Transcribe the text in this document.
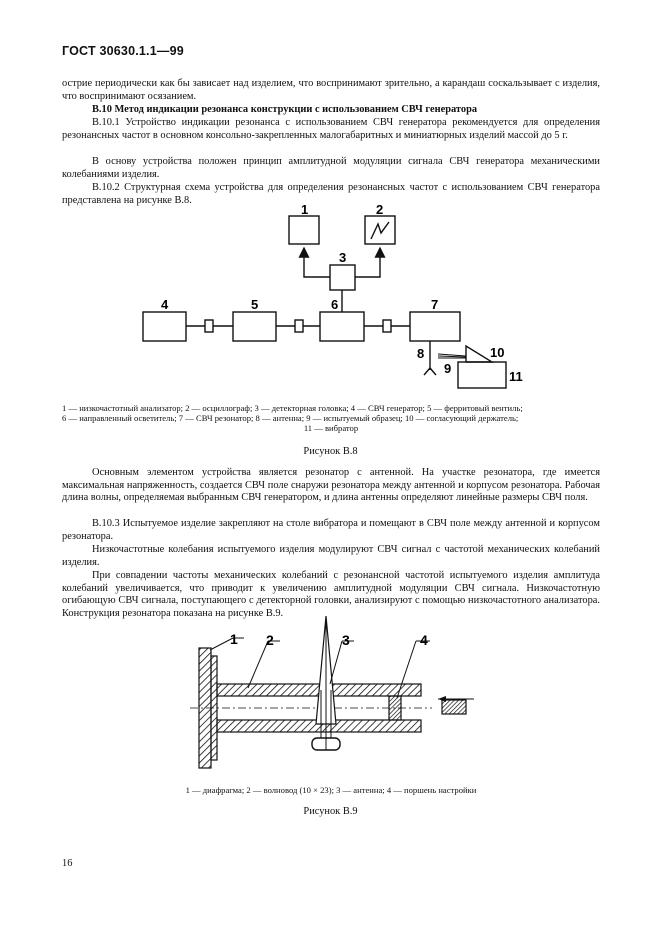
ГОСТ 30630.1.1—99

острие периодически как бы зависает над изделием, что воспринимают зрительно, а карандаш соскальзывает с изделия, что воспринимают осязанием.

В.10 Метод индикации резонанса конструкции с использованием СВЧ генератора

В.10.1 Устройство индикации резонанса с использованием СВЧ генератора рекомендуется для определения резонансных частот в основном консольно-закрепленных малогабаритных и миниатюрных изделий массой до 5 г.

В основу устройства положен принцип амплитудной модуляции сигнала СВЧ генератора механическими колебаниями изделия.

В.10.2 Структурная схема устройства для определения резонансных частот с использованием СВЧ генератора представлена на рисунке В.8.

1	2
3
4	5	6	7
8
9
10
11

1 — низкочастотный анализатор; 2 — осциллограф; 3 — детекторная головка; 4 — СВЧ генератор; 5 — ферритовый вентиль;

6 — направленный осветитель; 7 — СВЧ резонатор; 8 — антенна; 9 — испытуемый образец; 10 — согласующий держатель;

11 — вибратор

Рисунок В.8

Основным элементом устройства является резонатор с антенной. На участке резонатора, где имеется максимальная напряженность, создается СВЧ поле снаружи резонатора между антенной и корпусом резонатора. Рабочая длина волны, определяемая выбранным СВЧ генератором, и длина антенны определяют линейные размеры СВЧ поля.

В.10.3 Испытуемое изделие закрепляют на столе вибратора и помещают в СВЧ поле между антенной и корпусом резонатора.

Низкочастотные колебания испытуемого изделия модулируют СВЧ сигнал с частотой механических колебаний изделия.

При совпадении частоты механических колебаний с резонансной частотой испытуемого изделия амплитуда колебаний увеличивается, что приводит к увеличению амплитудной модуляции СВЧ сигнала. Низкочастотную огибающую СВЧ сигнала, поступающего с детекторной головки, анализируют с помощью низкочастотного анализатора. Конструкция резонатора показана на рисунке В.9.

1 2	3	4

1 — диафрагма; 2 — волновод (10 × 23); 3 — антенна; 4 — поршень настройки

Рисунок В.9
16
